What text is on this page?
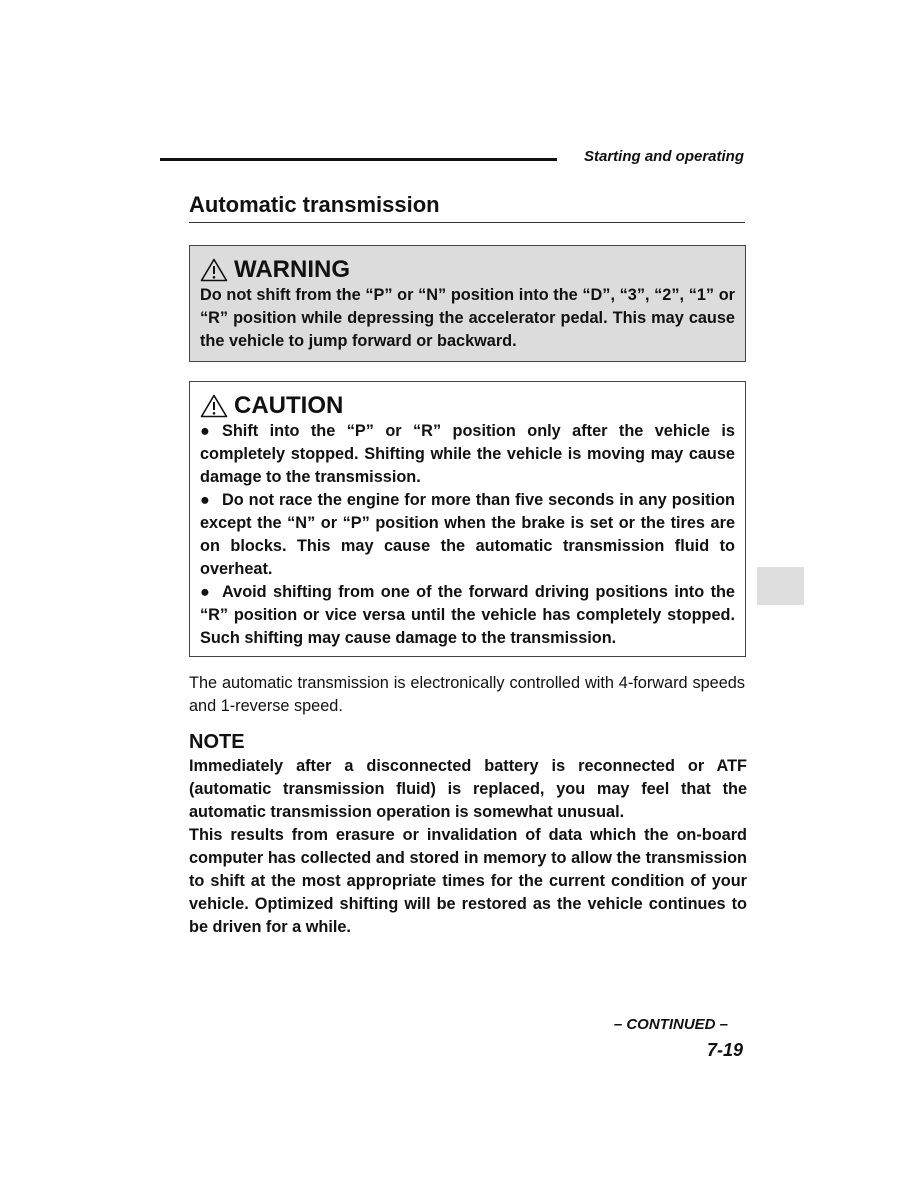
Starting and operating
Automatic transmission
WARNING

Do not shift from the “P” or “N” position into the “D”, “3”, “2”, “1” or “R” position while depressing the accelerator pedal. This may cause the vehicle to jump forward or backward.

CAUTION

● Shift into the “P” or “R” position only after the vehicle is completely stopped. Shifting while the vehicle is moving may cause damage to the transmission.

● Do not race the engine for more than five seconds in any position except the “N” or “P” position when the brake is set or the tires are on blocks. This may cause the automatic transmission fluid to overheat.

● Avoid shifting from one of the forward driving positions into the “R” position or vice versa until the vehicle has completely stopped. Such shifting may cause damage to the transmission.

The automatic transmission is electronically controlled with 4-forward speeds and 1-reverse speed.

NOTE

Immediately after a disconnected battery is reconnected or ATF (automatic transmission fluid) is replaced, you may feel that the automatic transmission operation is somewhat unusual.

This results from erasure or invalidation of data which the on-board computer has collected and stored in memory to allow the transmission to shift at the most appropriate times for the current condition of your vehicle. Optimized shifting will be restored as the vehicle continues to be driven for a while.

– CONTINUED –
7-19
